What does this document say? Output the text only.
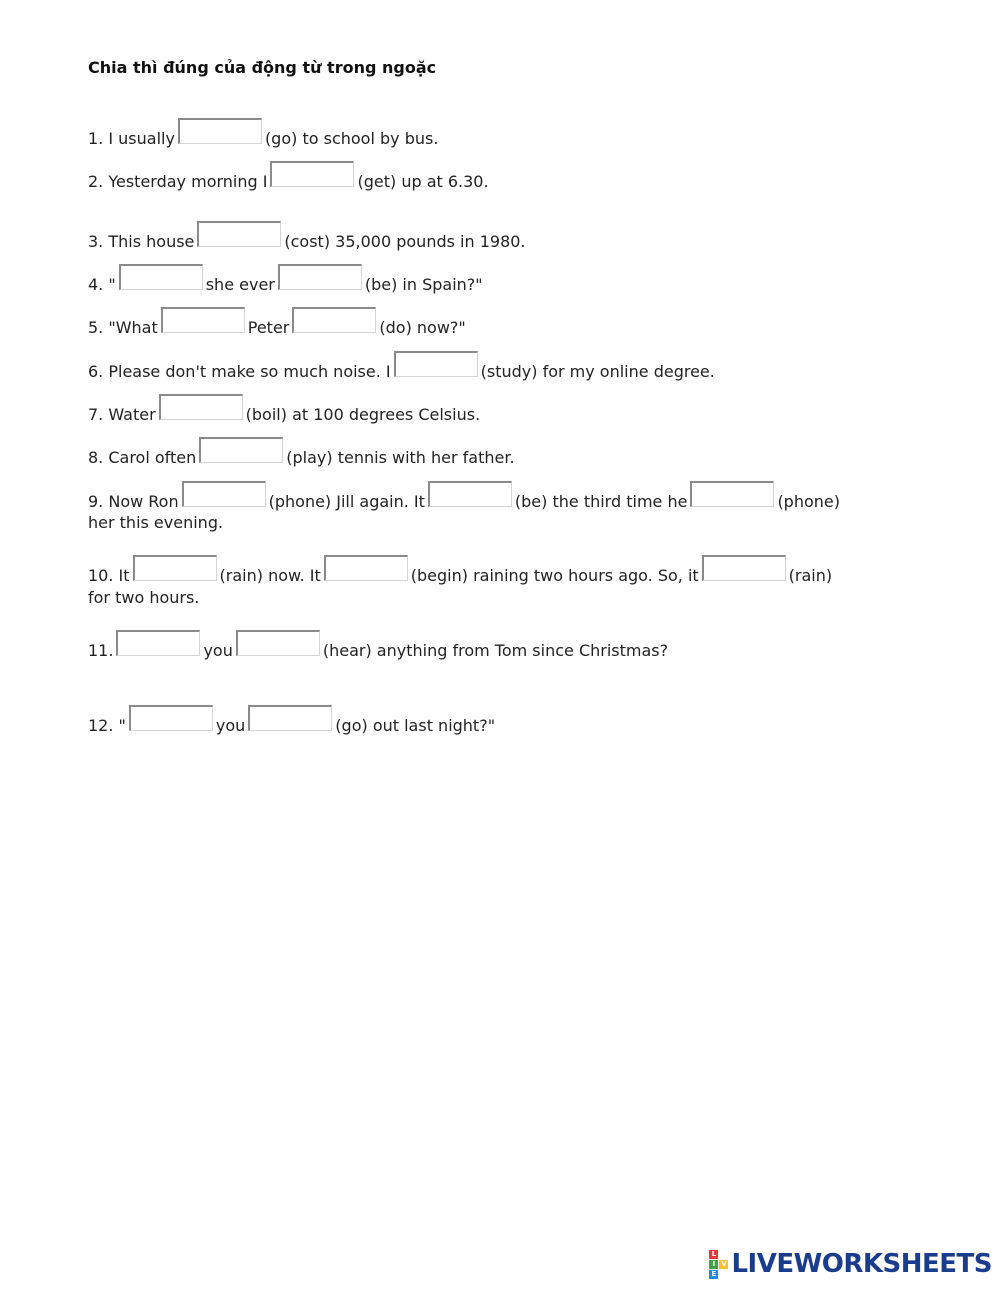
Chia thì đúng của động từ trong ngoặc
1. I usually	(go) to school by bus.
2. Yesterday morning I	(get) up at 6.30.
3. This house	(cost) 35,000 pounds in 1980.
4. "	she ever	(be) in Spain?"
5. "What	Peter	(do) now?"
6. Please don't make so much noise. I	(study) for my online degree.
7. Water	(boil) at 100 degrees Celsius.
8. Carol often	(play) tennis with her father.
9. Now Ron	(phone) Jill again. It	(be) the third time he	(phone)
her this evening.
10. It	(rain) now. It	(begin) raining two hours ago. So, it	(rain)
for two hours.
11.	you	(hear) anything from Tom since Christmas?
12. "	you	(go) out last night?"
L
I V
E LIVEWORKSHEETS
